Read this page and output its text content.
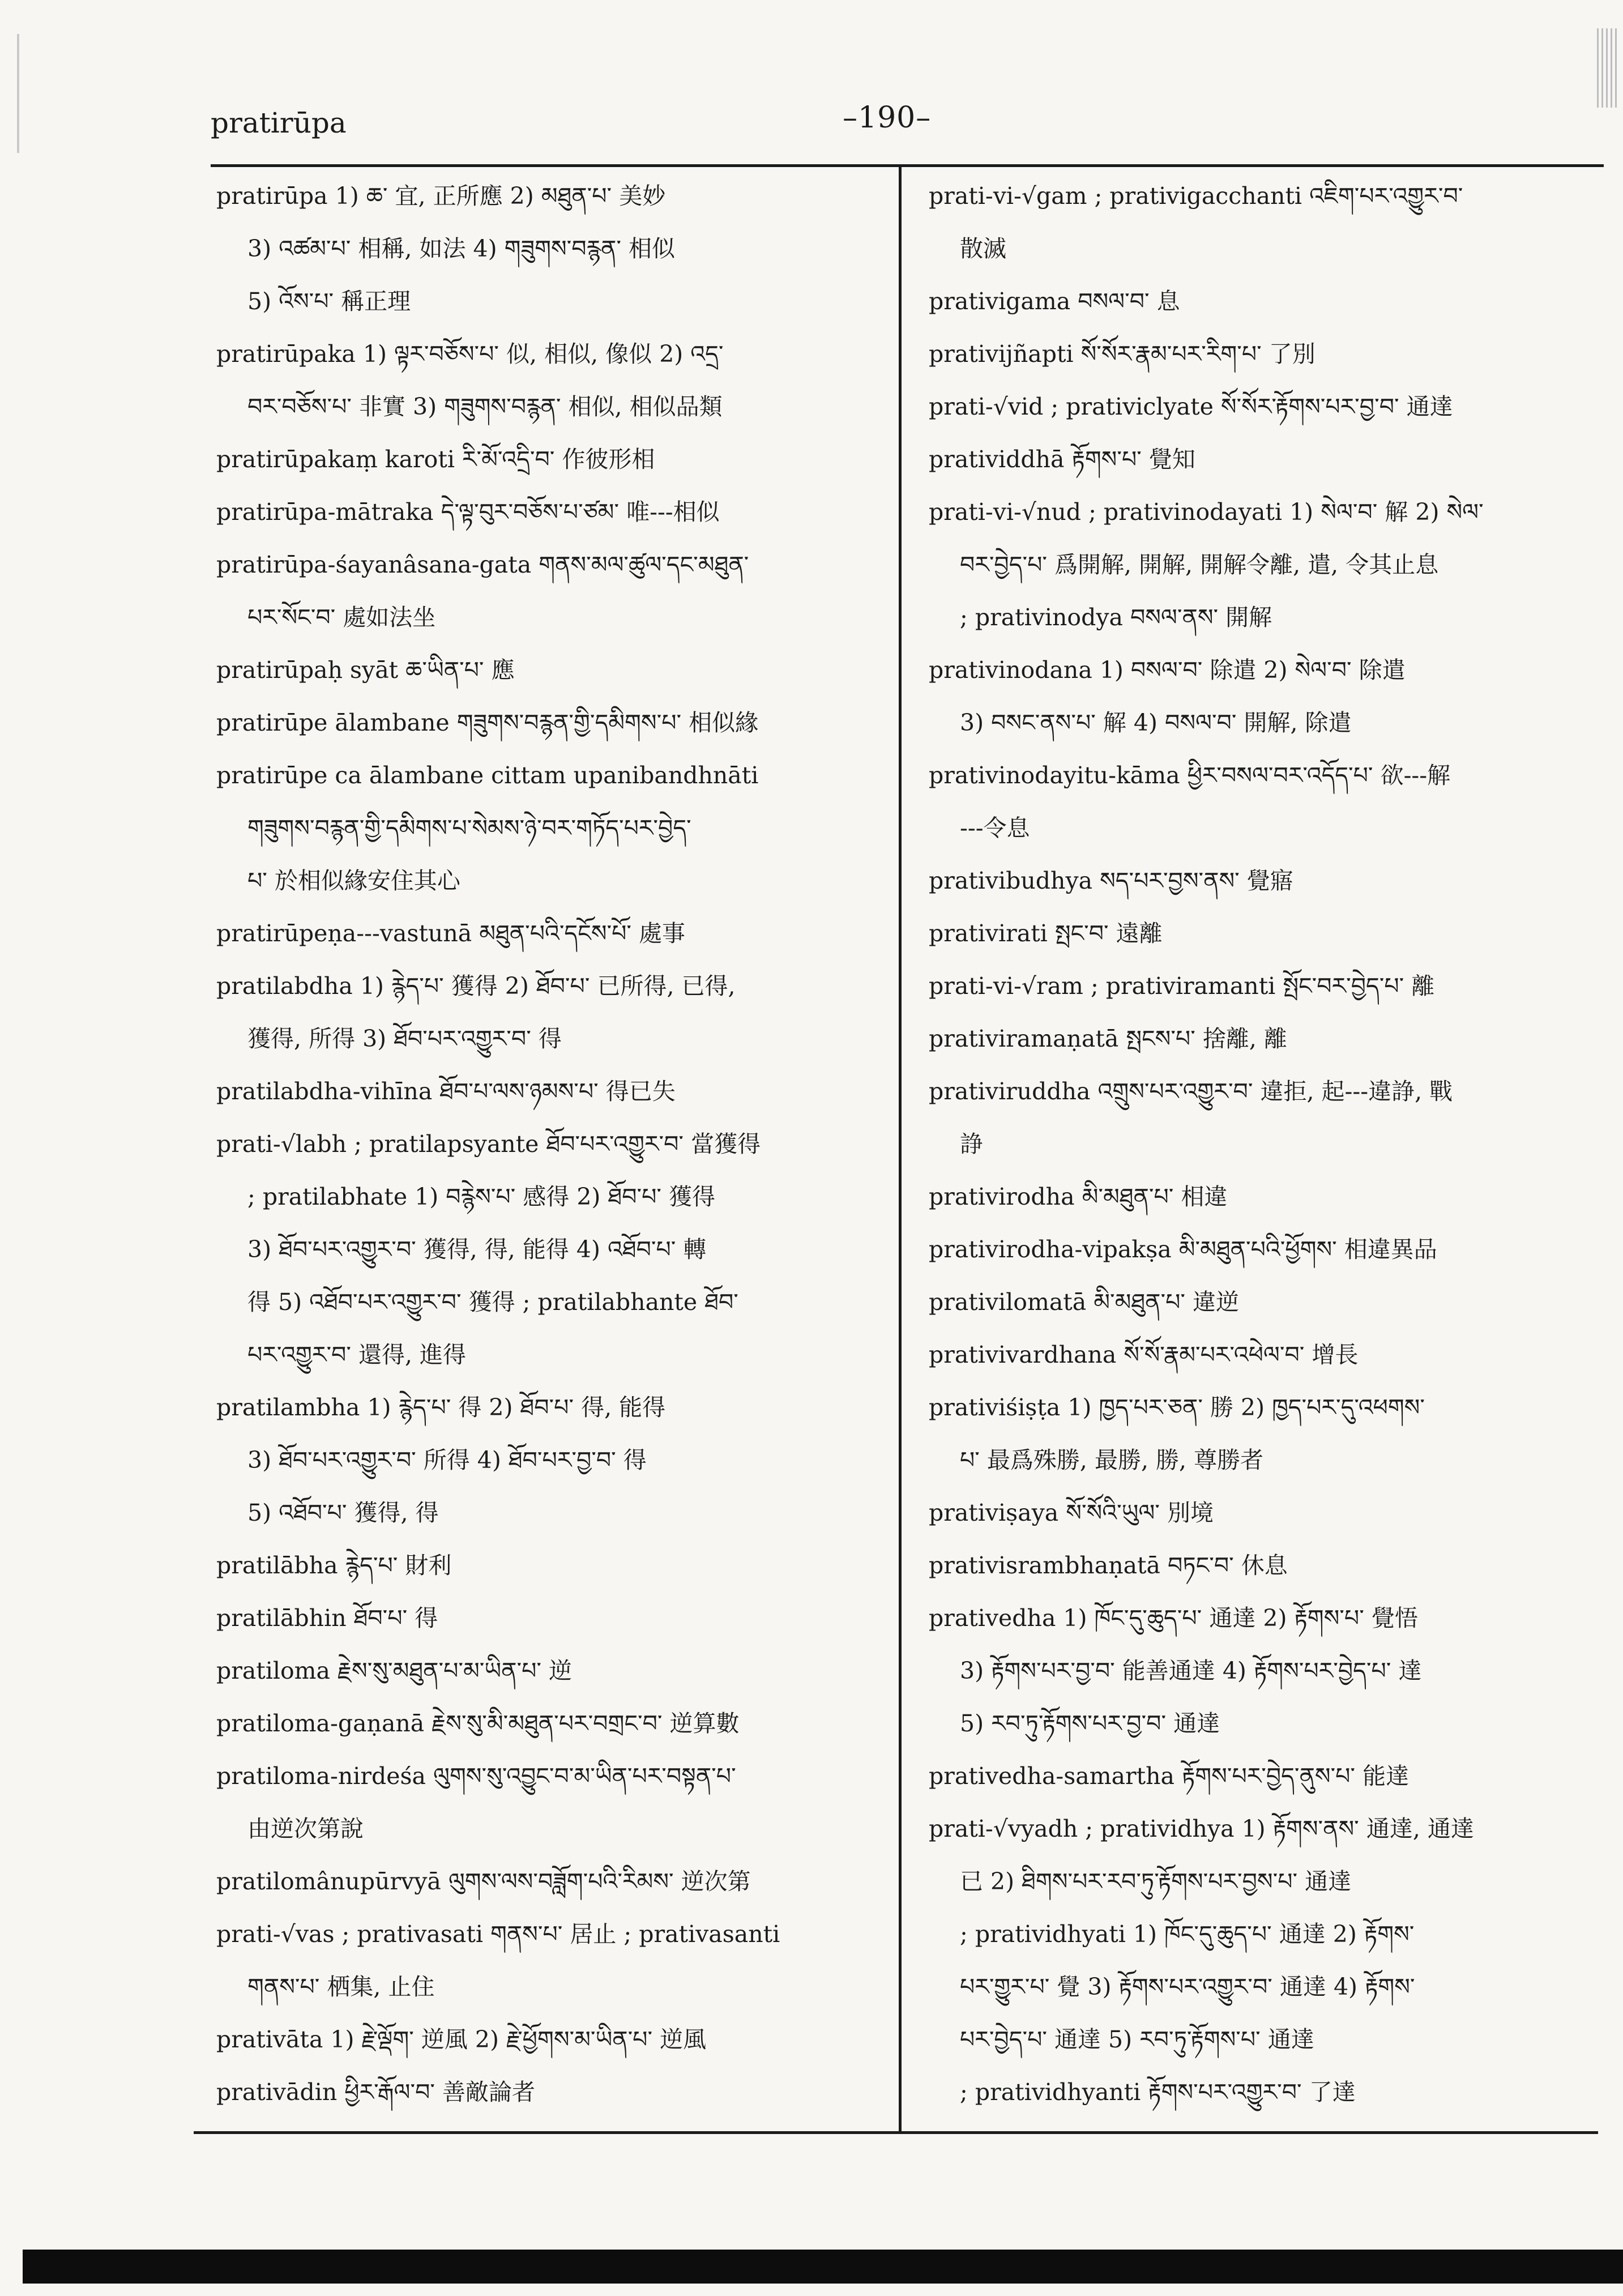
pratirūpa	–190–
pratirūpa 1) ཆ་ 宜, 正所應 2) མཐུན་པ་ 美妙
3) འཚམ་པ་ 相稱, 如法 4) གཟུགས་བརྙན་ 相似
5) འོས་པ་ 稱正理
pratirūpaka 1) ལྟར་བཅོས་པ་ 似, 相似, 像似 2) འདྲ་
བར་བཅོས་པ་ 非實 3) གཟུགས་བརྙན་ 相似, 相似品類
pratirūpakaṃ karoti རི་མོ་འདྲི་བ་ 作彼形相
pratirūpa-mātraka དེ་ལྟ་བུར་བཅོས་པ་ཙམ་ 唯---相似
pratirūpa-śayanâsana-gata གནས་མལ་ཚུལ་དང་མཐུན་
པར་སོང་བ་ 處如法坐
pratirūpaḥ syāt ཆ་ཡིན་པ་ 應
pratirūpe ālambane གཟུགས་བརྙན་གྱི་དམིགས་པ་ 相似緣
pratirūpe ca ālambane cittam upanibandhnāti
གཟུགས་བརྙན་གྱི་དམིགས་པ་སེམས་ཉེ་བར་གཏོད་པར་བྱེད་
པ་ 於相似緣安住其心
pratirūpeṇa---vastunā མཐུན་པའི་དངོས་པོ་ 處事
pratilabdha 1) རྙེད་པ་ 獲得 2) ཐོབ་པ་ 已所得, 已得,
獲得, 所得 3) ཐོབ་པར་འགྱུར་བ་ 得
pratilabdha-vihīna ཐོབ་པ་ལས་ཉམས་པ་ 得已失
prati-√labh ; pratilapsyante ཐོབ་པར་འགྱུར་བ་ 當獲得
; pratilabhate 1) བརྙེས་པ་ 感得 2) ཐོབ་པ་ 獲得
3) ཐོབ་པར་འགྱུར་བ་ 獲得, 得, 能得 4) འཐོབ་པ་ 轉
得 5) འཐོབ་པར་འགྱུར་བ་ 獲得 ; pratilabhante ཐོབ་
པར་འགྱུར་བ་ 還得, 進得
pratilambha 1) རྙེད་པ་ 得 2) ཐོབ་པ་ 得, 能得
3) ཐོབ་པར་འགྱུར་བ་ 所得 4) ཐོབ་པར་བྱ་བ་ 得
5) འཐོབ་པ་ 獲得, 得
pratilābha རྙེད་པ་ 財利
pratilābhin ཐོབ་པ་ 得
pratiloma རྗེས་སུ་མཐུན་པ་མ་ཡིན་པ་ 逆
pratiloma-gaṇanā རྗེས་སུ་མི་མཐུན་པར་བགྲང་བ་ 逆算數
pratiloma-nirdeśa ལུགས་སུ་འབྱུང་བ་མ་ཡིན་པར་བསྟན་པ་
由逆次第說
pratilomânupūrvyā ལུགས་ལས་བཟློག་པའི་རིམས་ 逆次第
prati-√vas ; prativasati གནས་པ་ 居止 ; prativasanti
གནས་པ་ 栖集, 止住
prativāta 1) རྗེ་ལྡོག་ 逆風 2) རྗེ་ཕྱོགས་མ་ཡིན་པ་ 逆風
prativādin ཕྱིར་རྒོལ་བ་ 善敵論者
prati-vi-√gam ; prativigacchanti འཇིག་པར་འགྱུར་བ་
散滅
prativigama བསལ་བ་ 息
prativijñapti སོ་སོར་རྣམ་པར་རིག་པ་ 了別
prati-√vid ; prativiclyate སོ་སོར་རྟོགས་པར་བྱ་བ་ 通達
pratividdhā རྟོགས་པ་ 覺知
prati-vi-√nud ; prativinodayati 1) སེལ་བ་ 解 2) སེལ་
བར་བྱེད་པ་ 爲開解, 開解, 開解令離, 遣, 令其止息
; prativinodya བསལ་ནས་ 開解
prativinodana 1) བསལ་བ་ 除遣 2) སེལ་བ་ 除遣
3) བསང་ནས་པ་ 解 4) བསལ་བ་ 開解, 除遣
prativinodayitu-kāma ཕྱིར་བསལ་བར་འདོད་པ་ 欲---解
---令息
prativibudhya སད་པར་བྱས་ནས་ 覺寤
prativirati སྤང་བ་ 遠離
prati-vi-√ram ; prativiramanti སྤོང་བར་བྱེད་པ་ 離
prativiramaṇatā སྤངས་པ་ 捨離, 離
prativiruddha འགྲུས་པར་འགྱུར་བ་ 違拒, 起---違諍, 戰
諍
prativirodha མི་མཐུན་པ་ 相違
prativirodha-vipakṣa མི་མཐུན་པའི་ཕྱོགས་ 相違異品
prativilomatā མི་མཐུན་པ་ 違逆
prativivardhana སོ་སོ་རྣམ་པར་འཕེལ་བ་ 增長
prativiśiṣṭa 1) ཁྱད་པར་ཅན་ 勝 2) ཁྱད་པར་དུ་འཕགས་
པ་ 最爲殊勝, 最勝, 勝, 尊勝者
prativiṣaya སོ་སོའི་ཡུལ་ 別境
prativisrambhaṇatā བཏང་བ་ 休息
prativedha 1) ཁོང་དུ་ཆུད་པ་ 通達 2) རྟོགས་པ་ 覺悟
3) རྟོགས་པར་བྱ་བ་ 能善通達 4) རྟོགས་པར་བྱེད་པ་ 達
5) རབ་ཏུ་རྟོགས་པར་བྱ་བ་ 通達
prativedha-samartha རྟོགས་པར་བྱེད་ནུས་པ་ 能達
prati-√vyadh ; pratividhya 1) རྟོགས་ནས་ 通達, 通達
已 2) ཐིགས་པར་རབ་ཏུ་རྟོགས་པར་བྱས་པ་ 通達
; pratividhyati 1) ཁོང་དུ་ཆུད་པ་ 通達 2) རྟོགས་
པར་གྱུར་པ་ 覺 3) རྟོགས་པར་འགྱུར་བ་ 通達 4) རྟོགས་
པར་བྱེད་པ་ 通達 5) རབ་ཏུ་རྟོགས་པ་ 通達
; pratividhyanti རྟོགས་པར་འགྱུར་བ་ 了達
